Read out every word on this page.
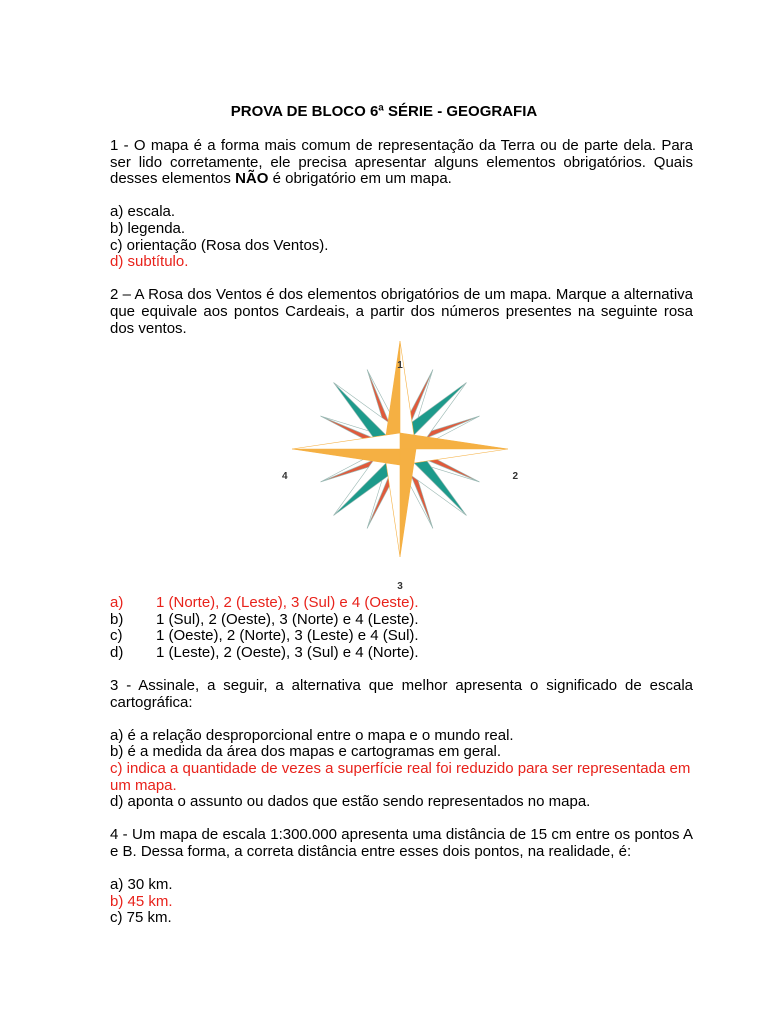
PROVA DE BLOCO 6ª SÉRIE - GEOGRAFIA

1 - O mapa é a forma mais comum de representação da Terra ou de parte dela. Para ser lido corretamente, ele precisa apresentar alguns elementos obrigatórios. Quais desses elementos NÃO é obrigatório em um mapa.

a) escala.

b) legenda.

c) orientação (Rosa dos Ventos).

d) subtítulo.

2 – A Rosa dos Ventos é dos elementos obrigatórios de um mapa. Marque a alternativa que equivale aos pontos Cardeais, a partir dos números presentes na seguinte rosa dos ventos.

1
2
3
4
a)	1 (Norte), 2 (Leste), 3 (Sul) e 4 (Oeste).
b)	1 (Sul), 2 (Oeste), 3 (Norte) e 4 (Leste).
c)	1 (Oeste), 2 (Norte), 3 (Leste) e 4 (Sul).
d)	1 (Leste), 2 (Oeste), 3 (Sul) e 4 (Norte).

3 - Assinale, a seguir, a alternativa que melhor apresenta o significado de escala cartográfica:

a) é a relação desproporcional entre o mapa e o mundo real.

b) é a medida da área dos mapas e cartogramas em geral.

c) indica a quantidade de vezes a superfície real foi reduzido para ser representada em um mapa.

d) aponta o assunto ou dados que estão sendo representados no mapa.

4 - Um mapa de escala 1:300.000 apresenta uma distância de 15 cm entre os pontos A e B. Dessa forma, a correta distância entre esses dois pontos, na realidade, é:

a) 30 km.

b) 45 km.

c) 75 km.
